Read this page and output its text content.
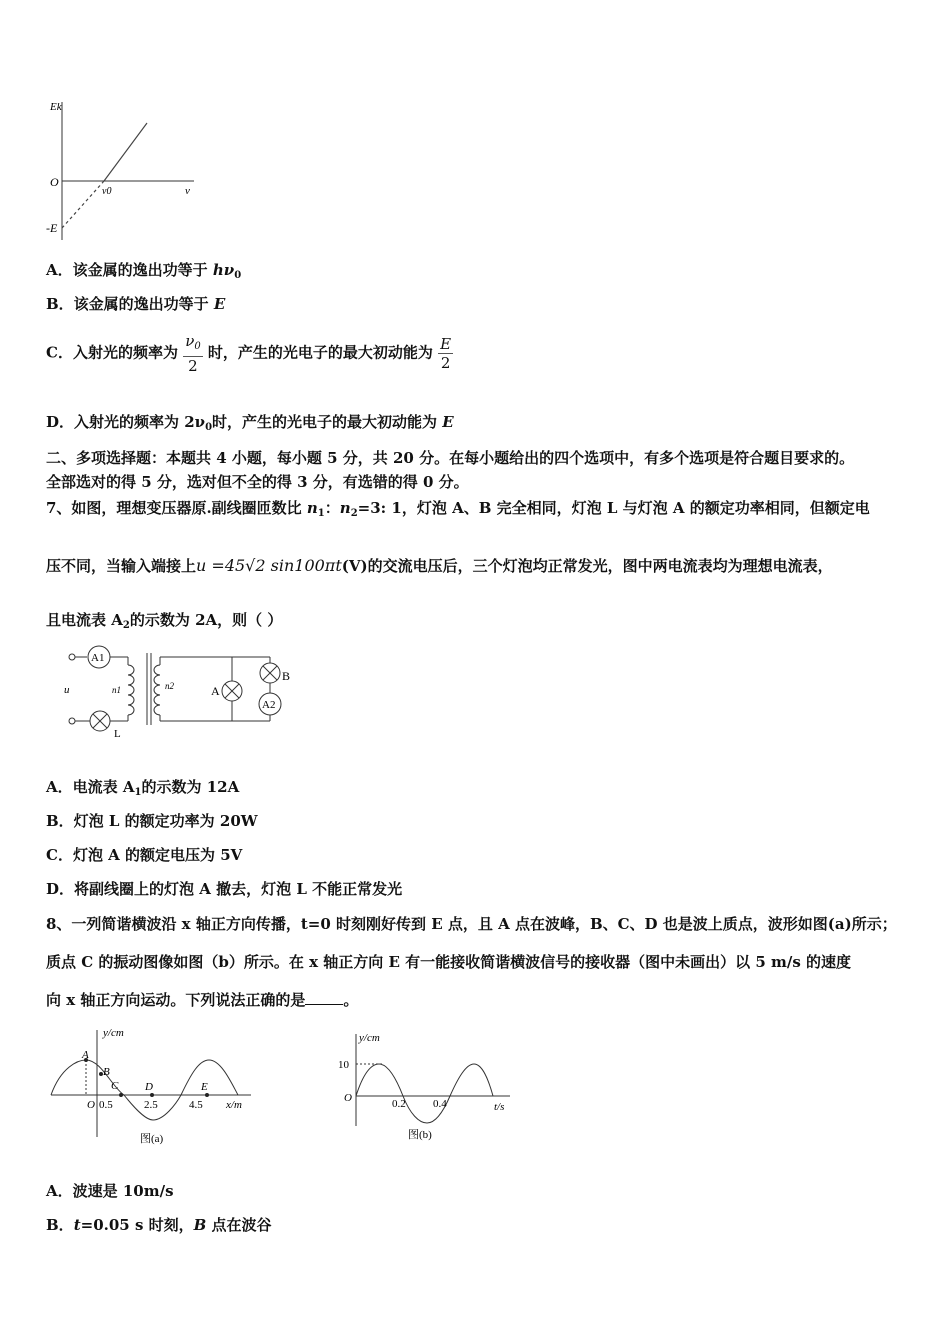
Ek
O
ν
ν0
-E
A．该金属的逸出功等于 $h\nu_0$
B．该金属的逸出功等于 E
C．入射光的频率为 $\frac{\nu_0}{2}$ 时，产生的光电子的最大初动能为 $\frac{E}{2}$
D．入射光的频率为 $2\nu_0$时，产生的光电子的最大初动能为 E
二、多项选择题：本题共 4 小题，每小题 5 分，共 20 分。在每小题给出的四个选项中，有多个选项是符合题目要求的。
全部选对的得 5 分，选对但不全的得 3 分，有选错的得 0 分。
7、如图，理想变压器原.副线圈匝数比 $n_1$：$n_2=3$: 1，灯泡 A、B 完全相同，灯泡 L 与灯泡 A 的额定功率相同，但额定电
压不同，当输入端接上u =45√2 sin100πt(V)的交流电压后，三个灯泡均正常发光，图中两电流表均为理想电流表，
且电流表 $A_2$的示数为 2A，则（ ）
A1
u	n1	n2	A
B
A2
L
A．电流表 $A_1$的示数为 12A
B．灯泡 L 的额定功率为 20W
C．灯泡 A 的额定电压为 5V
D．将副线圈上的灯泡 A 撤去，灯泡 L 不能正常发光
8、一列简谐横波沿 x 轴正方向传播，t=0 时刻刚好传到 E 点，且 A 点在波峰，B、C、D 也是波上质点，波形如图(a)所示；
质点 C 的振动图像如图（b）所示。在 x 轴正方向 E 有一能接收简谐横波信号的接收器（图中未画出）以 5 m/s 的速度
向 x 轴正方向运动。下列说法正确的是	。
y/cm
A
B
C D	E
O 0.5	2.5	4.5 x/m
图(a)
y/cm
10
O	0.2 0.4	t/s
图(b)
A．波速是 10m/s
B．t=0.05 s 时刻，B 点在波谷
